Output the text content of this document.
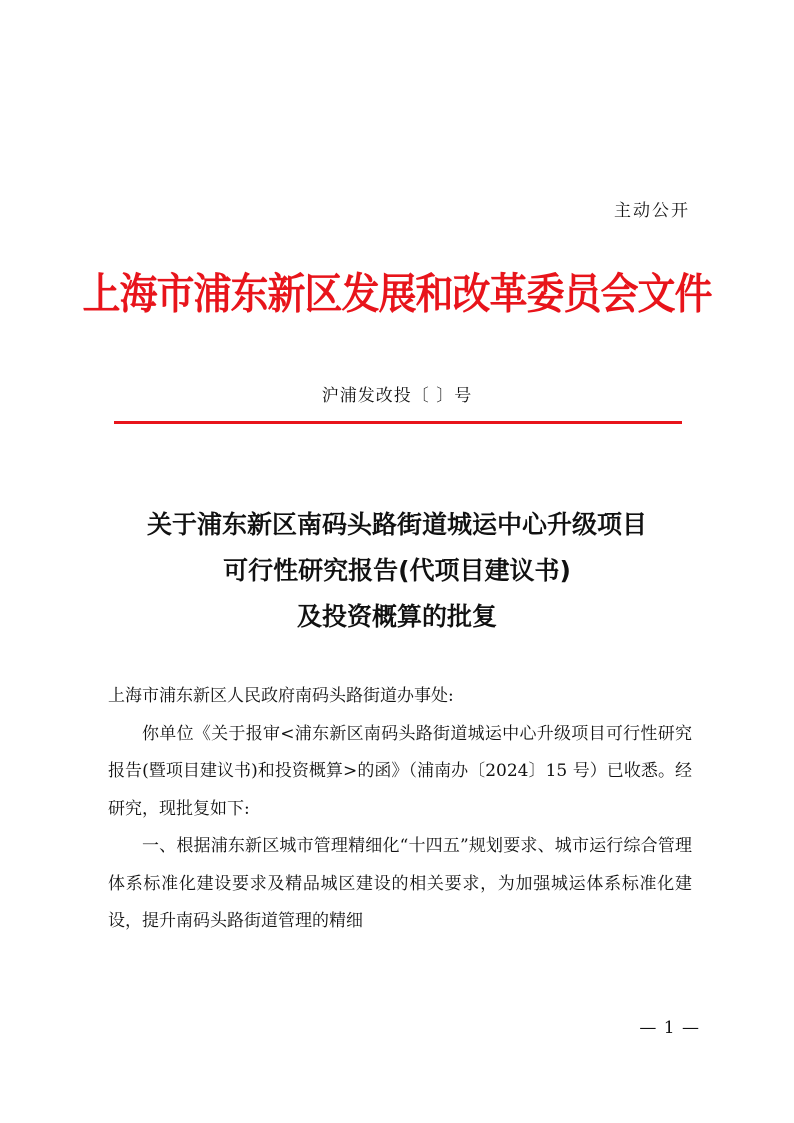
主动公开
上海市浦东新区发展和改革委员会文件
沪浦发改投〔 〕号
关于浦东新区南码头路街道城运中心升级项目
可行性研究报告(代项目建议书)
及投资概算的批复

上海市浦东新区人民政府南码头路街道办事处:

你单位《关于报审<浦东新区南码头路街道城运中心升级项目可行性研究报告(暨项目建议书)和投资概算>的函》（浦南办〔2024〕15 号）已收悉。经研究，现批复如下:

一、根据浦东新区城市管理精细化“十四五”规划要求、城市运行综合管理体系标准化建设要求及精品城区建设的相关要求，为加强城运体系标准化建设，提升南码头路街道管理的精细

— 1 —
